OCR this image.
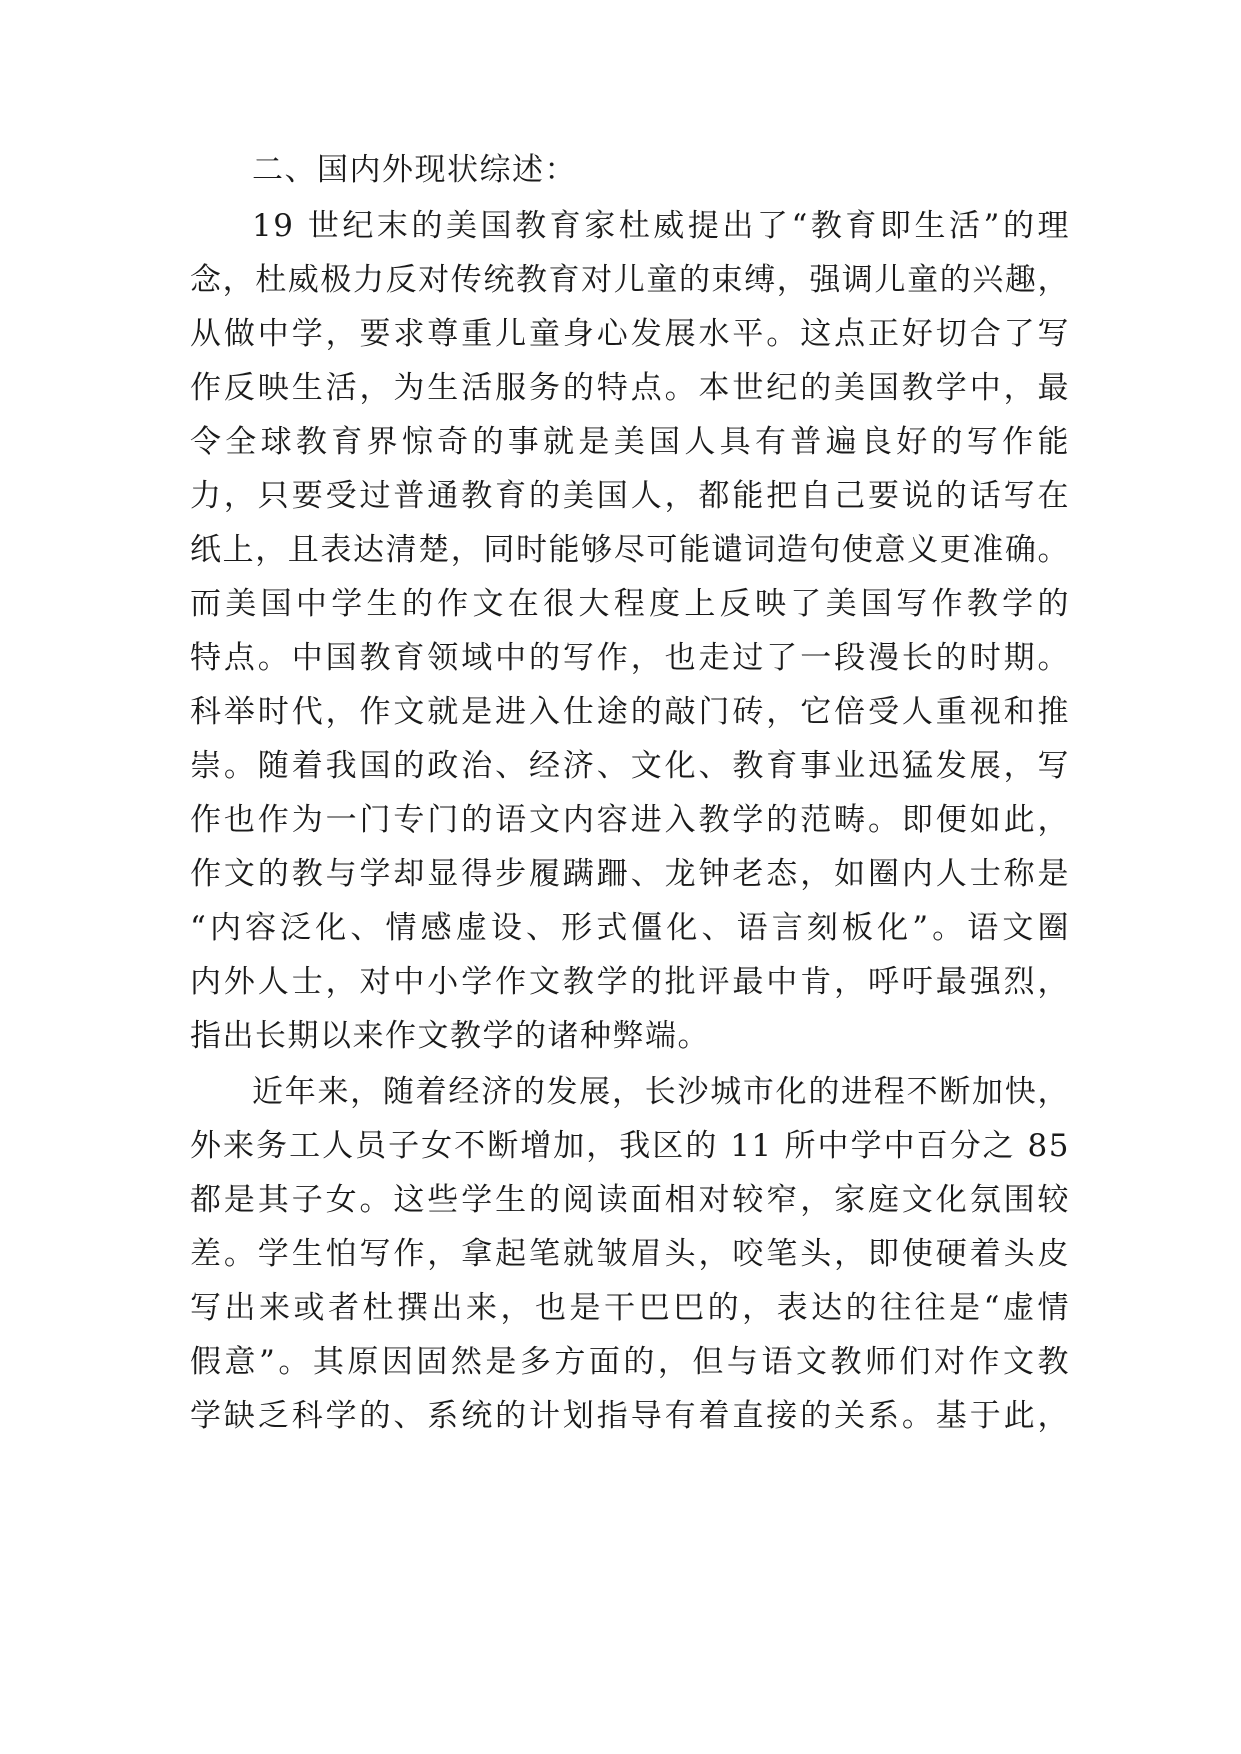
二、国内外现状综述：
19 世纪末的美国教育家杜威提出了“教育即生活”的理
念，杜威极力反对传统教育对儿童的束缚，强调儿童的兴趣，
从做中学，要求尊重儿童身心发展水平。这点正好切合了写
作反映生活，为生活服务的特点。本世纪的美国教学中，最
令全球教育界惊奇的事就是美国人具有普遍良好的写作能
力，只要受过普通教育的美国人，都能把自己要说的话写在
纸上，且表达清楚，同时能够尽可能谴词造句使意义更准确。
而美国中学生的作文在很大程度上反映了美国写作教学的
特点。中国教育领域中的写作，也走过了一段漫长的时期。
科举时代，作文就是进入仕途的敲门砖，它倍受人重视和推
崇。随着我国的政治、经济、文化、教育事业迅猛发展，写
作也作为一门专门的语文内容进入教学的范畴。即便如此，
作文的教与学却显得步履蹒跚、龙钟老态，如圈内人士称是
“内容泛化、情感虚设、形式僵化、语言刻板化”。语文圈
内外人士，对中小学作文教学的批评最中肯，呼吁最强烈，
指出长期以来作文教学的诸种弊端。
近年来，随着经济的发展，长沙城市化的进程不断加快，
外来务工人员子女不断增加，我区的 11 所中学中百分之 85
都是其子女。这些学生的阅读面相对较窄，家庭文化氛围较
差。学生怕写作，拿起笔就皱眉头，咬笔头，即使硬着头皮
写出来或者杜撰出来，也是干巴巴的，表达的往往是“虚情
假意”。其原因固然是多方面的，但与语文教师们对作文教
学缺乏科学的、系统的计划指导有着直接的关系。基于此，
